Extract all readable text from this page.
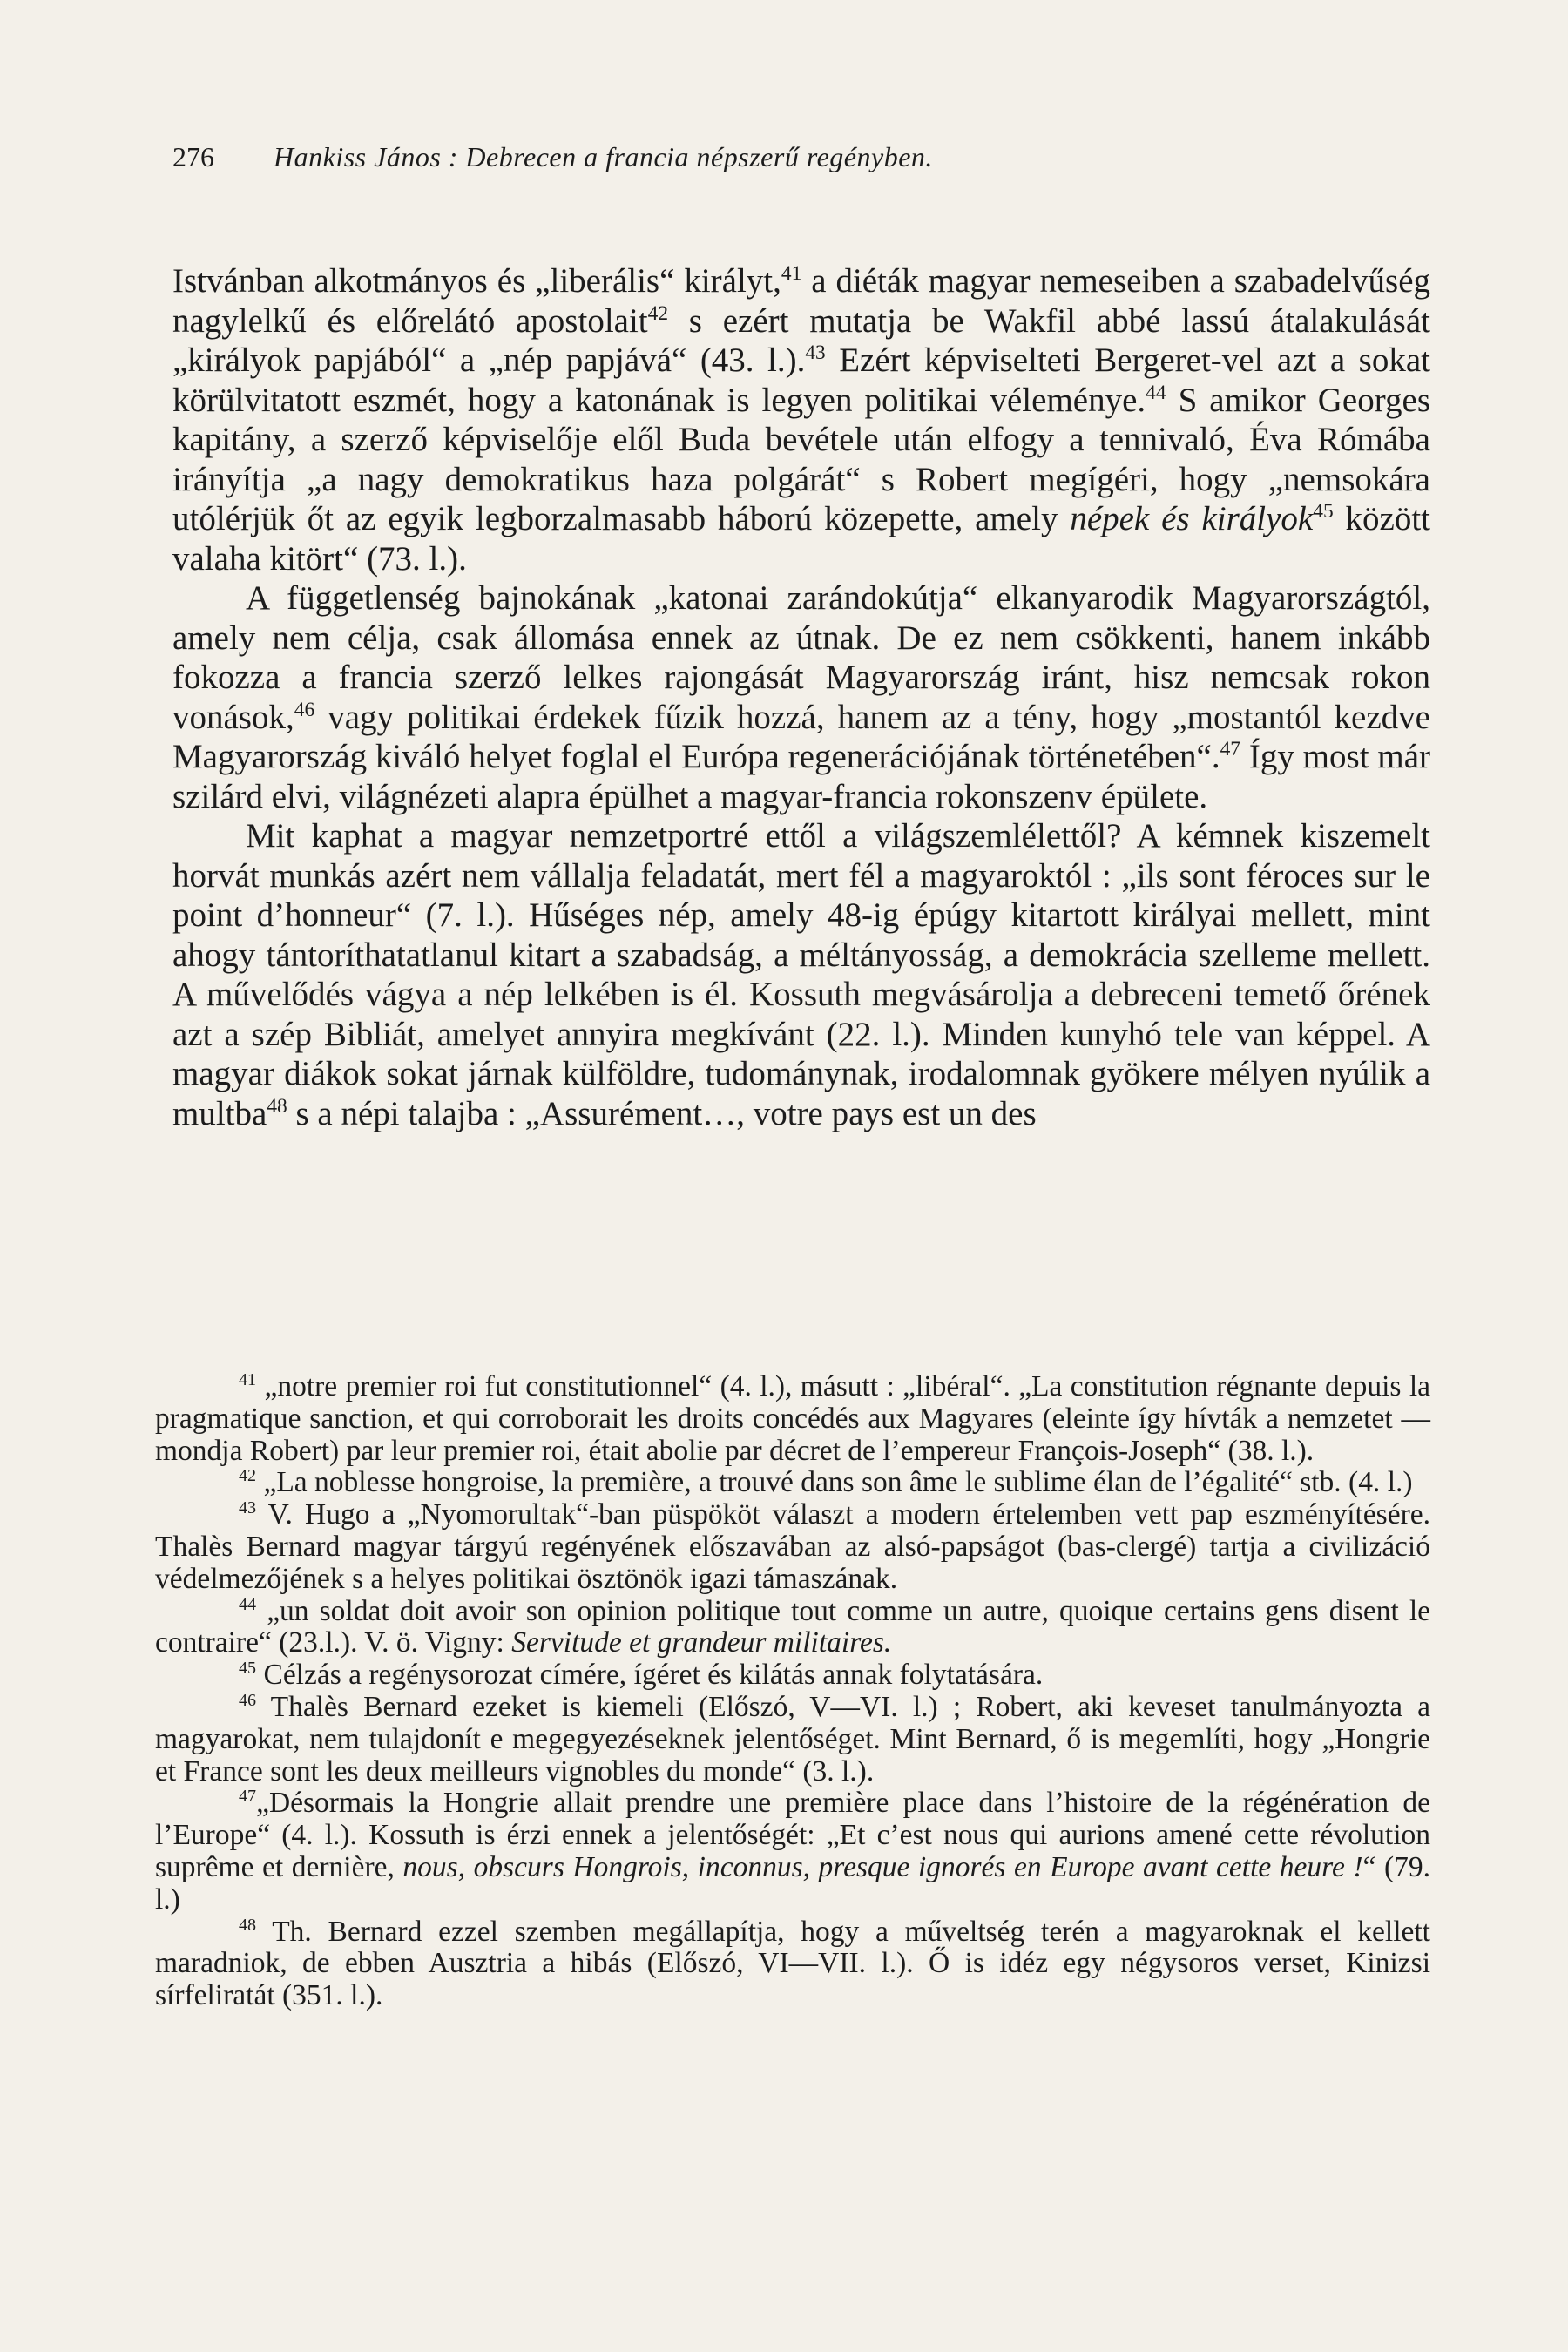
276 Hankiss János : Debrecen a francia népszerű regényben.

Istvánban alkotmányos és „liberális“ királyt,$^{41}$ a diéták magyar nemeseiben a szabadelvűség nagylelkű és előrelátó apostolait$^{42}$ s ezért mutatja be Wakfil abbé lassú átalakulását „királyok papjából“ a „nép papjává“ (43. l.).$^{43}$ Ezért képviselteti Bergeret-vel azt a sokat körülvitatott eszmét, hogy a katonának is legyen politikai véleménye.$^{44}$ S amikor Georges kapitány, a szerző képviselője elől Buda bevétele után elfogy a tennivaló, Éva Rómába irányítja „a nagy demokratikus haza polgárát“ s Robert megígéri, hogy „nemsokára utólérjük őt az egyik legborzalmasabb háború közepette, amely népek és királyok$^{45}$ között valaha kitört“ (73. l.).

A függetlenség bajnokának „katonai zarándokútja“ elkanyarodik Magyarországtól, amely nem célja, csak állomása ennek az útnak. De ez nem csökkenti, hanem inkább fokozza a francia szerző lelkes rajongását Magyarország iránt, hisz nemcsak rokon vonások,$^{46}$ vagy politikai érdekek fűzik hozzá, hanem az a tény, hogy „mostantól kezdve Magyarország kiváló helyet foglal el Európa regenerációjának történetében“.$^{47}$ Így most már szilárd elvi, világnézeti alapra épülhet a magyar-francia rokonszenv épülete.

Mit kaphat a magyar nemzetportré ettől a világszemlélettől? A kémnek kiszemelt horvát munkás azért nem vállalja feladatát, mert fél a magyaroktól : „ils sont féroces sur le point d’honneur“ (7. l.). Hűséges nép, amely 48-ig épúgy kitartott királyai mellett, mint ahogy tántoríthatatlanul kitart a szabadság, a méltányosság, a demokrácia szelleme mellett. A művelődés vágya a nép lelkében is él. Kossuth megvásárolja a debreceni temető őrének azt a szép Bibliát, amelyet annyira megkívánt (22. l.). Minden kunyhó tele van képpel. A magyar diákok sokat járnak külföldre, tudománynak, irodalomnak gyökere mélyen nyúlik a multba$^{48}$ s a népi talajba : „Assurément…, votre pays est un des

$^{41}$ „notre premier roi fut constitutionnel“ (4. l.), másutt : „libéral“. „La constitution régnante depuis la pragmatique sanction, et qui corroborait les droits concédés aux Magyares (eleinte így hívták a nemzetet — mondja Robert) par leur premier roi, était abolie par décret de l’empereur François-Joseph“ (38. l.).

$^{42}$ „La noblesse hongroise, la première, a trouvé dans son âme le sublime élan de l’égalité“ stb. (4. l.)

$^{43}$ V. Hugo a „Nyomorultak“-ban püspököt választ a modern értelemben vett pap eszményítésére. Thalès Bernard magyar tárgyú regényének előszavában az alsó-papságot (bas-clergé) tartja a civilizáció védelmezőjének s a helyes politikai ösztönök igazi támaszának.

$^{44}$ „un soldat doit avoir son opinion politique tout comme un autre, quoique certains gens disent le contraire“ (23.l.). V. ö. Vigny: Servitude et grandeur militaires.

$^{45}$ Célzás a regénysorozat címére, ígéret és kilátás annak folytatására.

$^{46}$ Thalès Bernard ezeket is kiemeli (Előszó, V—VI. l.) ; Robert, aki keveset tanulmányozta a magyarokat, nem tulajdonít e megegyezéseknek jelentőséget. Mint Bernard, ő is megemlíti, hogy „Hongrie et France sont les deux meilleurs vignobles du monde“ (3. l.).

$^{47}$„Désormais la Hongrie allait prendre une première place dans l’histoire de la régénération de l’Europe“ (4. l.). Kossuth is érzi ennek a jelentőségét: „Et c’est nous qui aurions amené cette révolution suprême et dernière, nous, obscurs Hongrois, inconnus, presque ignorés en Europe avant cette heure !“ (79. l.)

$^{48}$ Th. Bernard ezzel szemben megállapítja, hogy a műveltség terén a magyaroknak el kellett maradniok, de ebben Ausztria a hibás (Előszó, VI—VII. l.). Ő is idéz egy négysoros verset, Kinizsi sírfeliratát (351. l.).
